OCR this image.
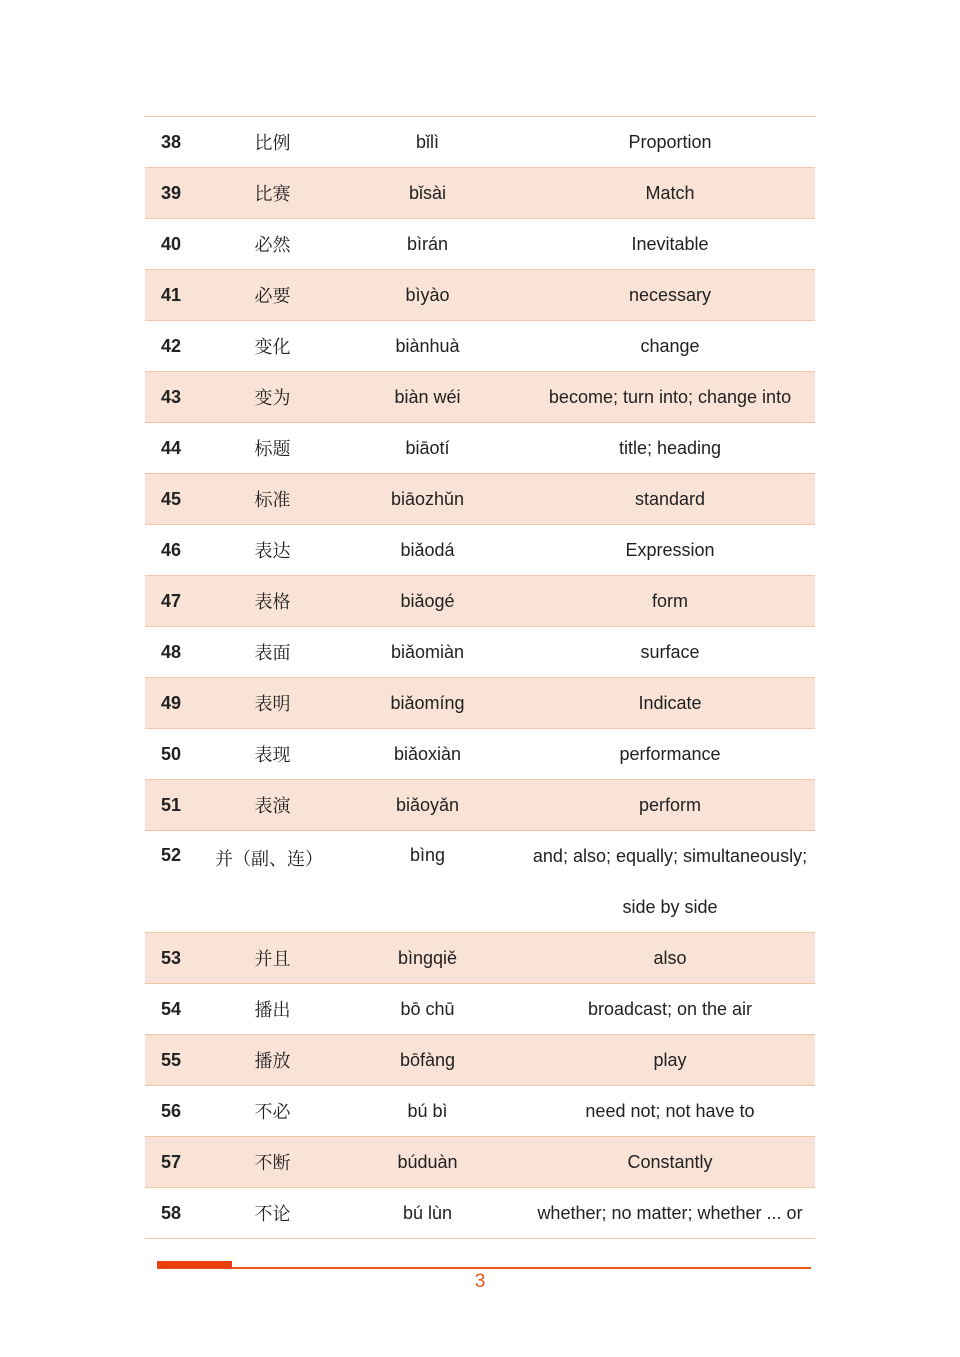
38	比例	bǐlì	Proportion
39	比赛	bǐsài	Match
40	必然	bìrán	Inevitable
41	必要	bìyào	necessary
42	变化	biànhuà	change
43	变为	biàn wéi	become; turn into; change into
44	标题	biāotí	title; heading
45	标准	biāozhǔn	standard
46	表达	biǎodá	Expression
47	表格	biǎogé	form
48	表面	biǎomiàn	surface
49	表明	biǎomíng	Indicate
50	表现	biǎoxiàn	performance
51	表演	biǎoyǎn	perform
52	并（副、连）	bìng	and; also; equally; simultaneously;
side by side
53	并且	bìngqiě	also
54	播出	bō chū	broadcast; on the air
55	播放	bōfàng	play
56	不必	bú bì	need not; not have to
57	不断	búduàn	Constantly
58	不论	bú lùn	whether; no matter; whether ... or
3
